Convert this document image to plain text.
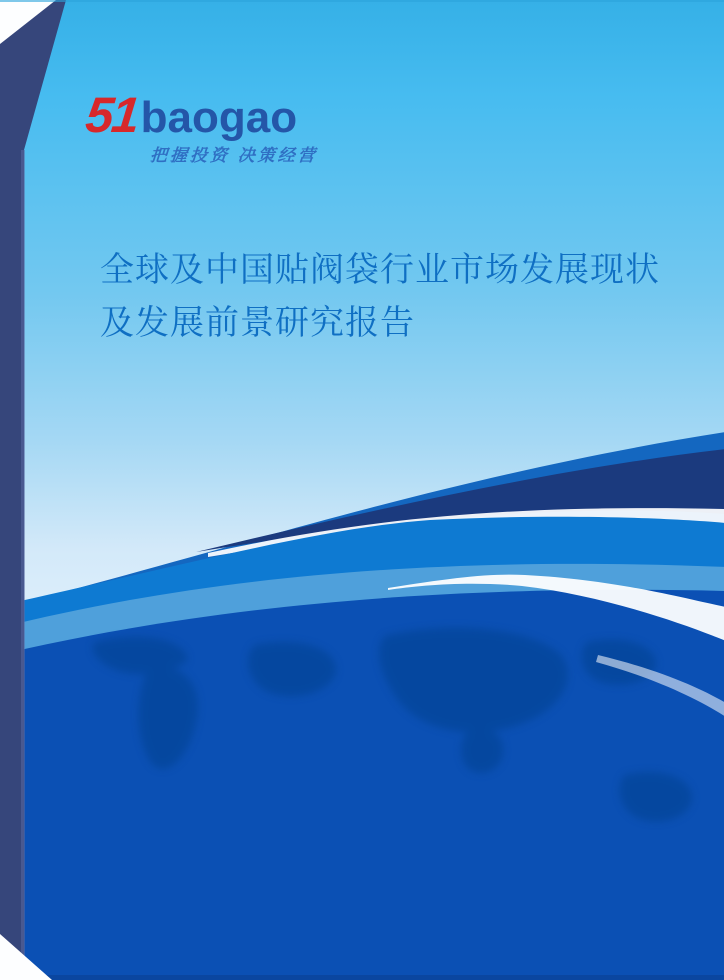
51 baogao
把握投资 决策经营
全球及中国贴阀袋行业市场发展现状及发展前景研究报告
